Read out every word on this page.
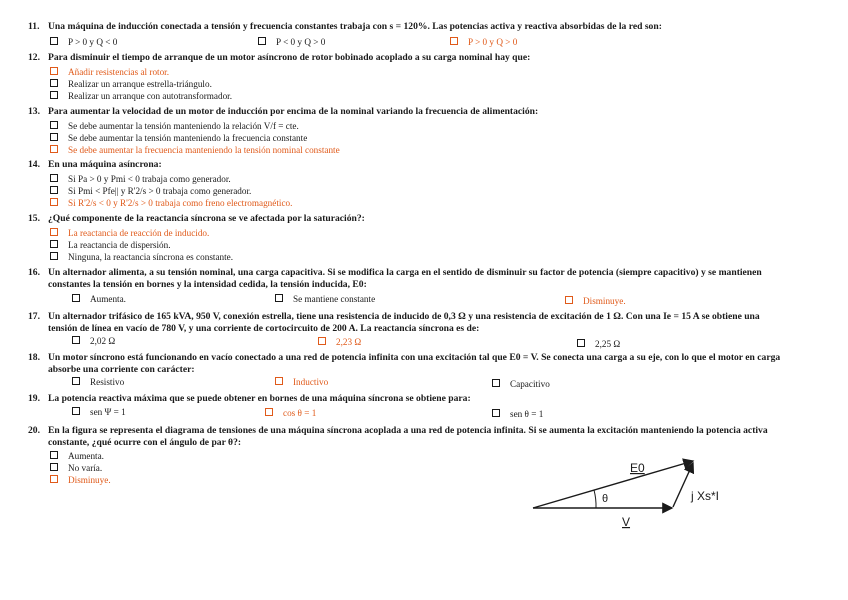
11. Una máquina de inducción conectada a tensión y frecuencia constantes trabaja con s = 120%. Las potencias activa y reactiva absorbidas de la red son:
P > 0 y Q < 0	P < 0 y Q > 0	P > 0 y Q > 0
12. Para disminuir el tiempo de arranque de un motor asíncrono de rotor bobinado acoplado a su carga nominal hay que:
Añadir resistencias al rotor.
Realizar un arranque estrella-triángulo.
Realizar un arranque con autotransformador.
13. Para aumentar la velocidad de un motor de inducción por encima de la nominal variando la frecuencia de alimentación:
Se debe aumentar la tensión manteniendo la relación V/f = cte.
Se debe aumentar la tensión manteniendo la frecuencia constante
Se debe aumentar la frecuencia manteniendo la tensión nominal constante
14. En una máquina asíncrona:
Si Pa > 0 y Pmi < 0 trabaja como generador.
Si Pmi < Pfe|| y R'2/s > 0 trabaja como generador.
Si R'2/s < 0 y R'2/s > 0 trabaja como freno electromagnético.
15. ¿Qué componente de la reactancia síncrona se ve afectada por la saturación?:
La reactancia de reacción de inducido.
La reactancia de dispersión.
Ninguna, la reactancia síncrona es constante.
16. Un alternador alimenta, a su tensión nominal, una carga capacitiva. Si se modifica la carga en el sentido de disminuir su factor de potencia (siempre capacitivo) y se mantienen
constantes la tensión en bornes y la intensidad cedida, la tensión inducida, E0:
Aumenta.	Se mantiene constante	Disminuye.
17. Un alternador trifásico de 165 kVA, 950 V, conexión estrella, tiene una resistencia de inducido de 0,3 Ω y una resistencia de excitación de 1 Ω. Con una Ie = 15 A se obtiene una
tensión de línea en vacío de 780 V, y una corriente de cortocircuito de 200 A. La reactancia síncrona es de:
2,02 Ω	2,23 Ω	2,25 Ω
18. Un motor síncrono está funcionando en vacío conectado a una red de potencia infinita con una excitación tal que E0 = V. Se conecta una carga a su eje, con lo que el motor en carga
absorbe una corriente con carácter:
Resistivo	Inductivo	Capacitivo
19. La potencia reactiva máxima que se puede obtener en bornes de una máquina síncrona se obtiene para:
sen Ψ = 1	cos θ = 1	sen θ = 1
20. En la figura se representa el diagrama de tensiones de una máquina síncrona acoplada a una red de potencia infinita. Si se aumenta la excitación manteniendo la potencia activa
constante, ¿qué ocurre con el ángulo de par θ?:
Aumenta.
No varía.
Disminuye.
E0
θ	j Xs*I
V
